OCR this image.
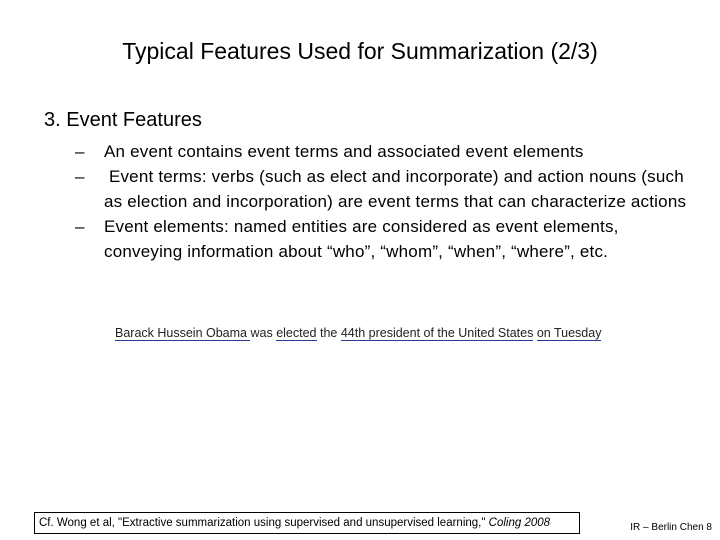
Typical Features Used for Summarization (2/3)
3. Event Features
–	An event contains event terms and associated event elements
–	Event terms: verbs (such as elect and incorporate) and action nouns (such as election and incorporation) are event terms that can characterize actions
–	Event elements: named entities are considered as event elements, conveying information about “who”, “whom”, “when”, “where”, etc.
Barack Hussein Obama was elected the 44th president of the United States on Tuesday
Cf. Wong et al, "Extractive summarization using supervised and unsupervised learning," Coling 2008	IR – Berlin Chen 8
